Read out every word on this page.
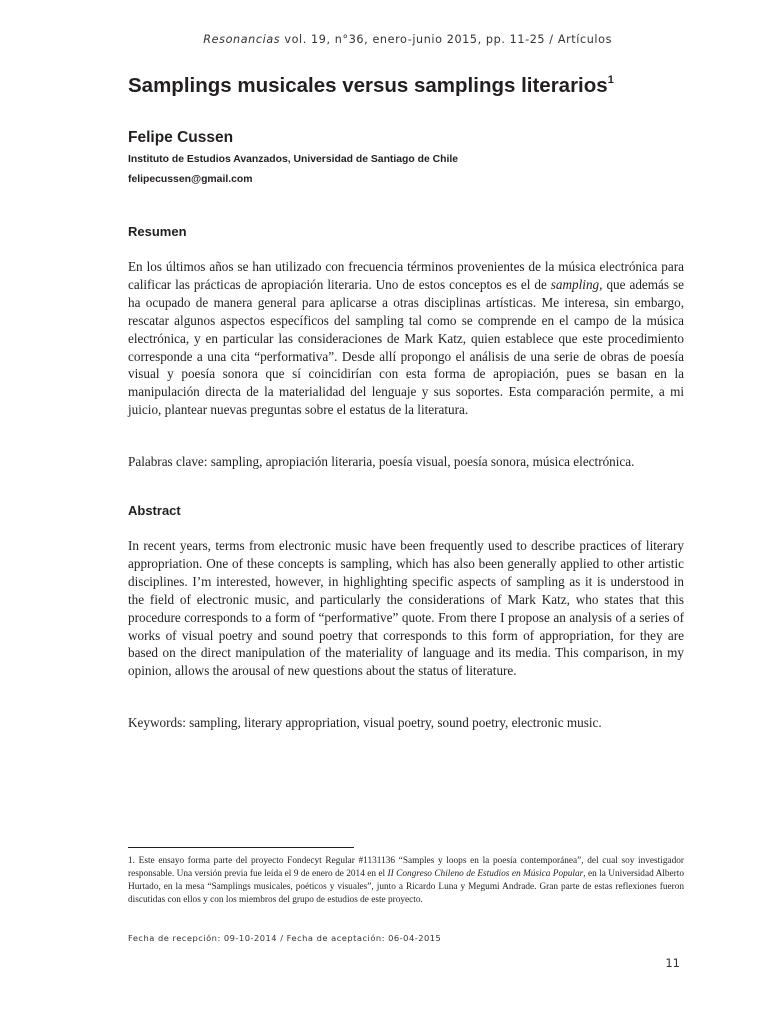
Resonancias vol. 19, n°36, enero-junio 2015, pp. 11-25 / Artículos
Samplings musicales versus samplings literarios$^1$
Felipe Cussen
Instituto de Estudios Avanzados, Universidad de Santiago de Chile
felipecussen@gmail.com
Resumen

En los últimos años se han utilizado con frecuencia términos provenientes de la música electrónica para calificar las prácticas de apropiación literaria. Uno de estos conceptos es el de sampling, que además se ha ocupado de manera general para aplicarse a otras disciplinas artísticas. Me interesa, sin embargo, rescatar algunos aspectos específicos del sampling tal como se comprende en el campo de la música electrónica, y en particular las consideraciones de Mark Katz, quien establece que este procedimiento corresponde a una cita “performativa”. Desde allí propongo el análisis de una serie de obras de poesía visual y poesía sonora que sí coincidirían con esta forma de apropiación, pues se basan en la manipulación directa de la materialidad del lenguaje y sus soportes. Esta comparación permite, a mi juicio, plantear nuevas preguntas sobre el estatus de la literatura.

Palabras clave: sampling, apropiación literaria, poesía visual, poesía sonora, música electrónica.

Abstract

In recent years, terms from electronic music have been frequently used to describe practices of literary appropriation. One of these concepts is sampling, which has also been generally applied to other artistic disciplines. I’m interested, however, in highlighting specific aspects of sampling as it is understood in the field of electronic music, and particularly the considerations of Mark Katz, who states that this procedure corresponds to a form of “performative” quote. From there I propose an analysis of a series of works of visual poetry and sound poetry that corresponds to this form of appropriation, for they are based on the direct manipulation of the materiality of language and its media. This comparison, in my opinion, allows the arousal of new questions about the status of literature.

Keywords: sampling, literary appropriation, visual poetry, sound poetry, electronic music.

1. Este ensayo forma parte del proyecto Fondecyt Regular #1131136 “Samples y loops en la poesía contemporánea”, del cual soy investigador responsable. Una versión previa fue leída el 9 de enero de 2014 en el II Congreso Chileno de Estudios en Música Popular, en la Universidad Alberto Hurtado, en la mesa “Samplings musicales, poéticos y visuales”, junto a Ricardo Luna y Megumi Andrade. Gran parte de estas reflexiones fueron discutidas con ellos y con los miembros del grupo de estudios de este proyecto.

Fecha de recepción: 09-10-2014 / Fecha de aceptación: 06-04-2015
11
